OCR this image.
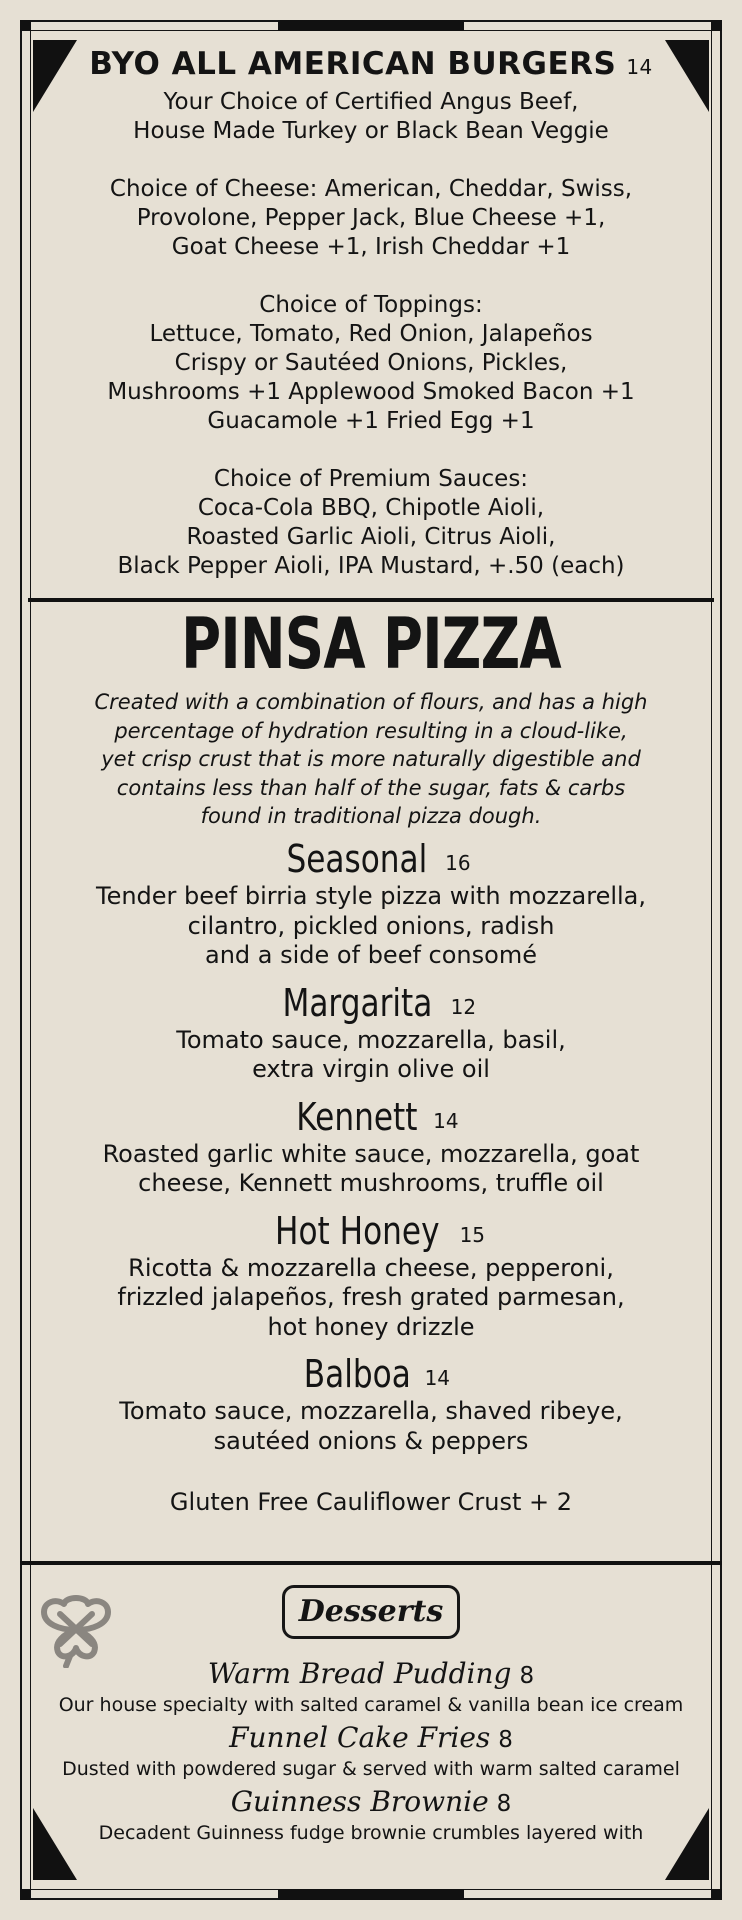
BYO ALL AMERICAN BURGERS 14

Your Choice of Certified Angus Beef,
House Made Turkey or Black Bean Veggie

Choice of Cheese: American, Cheddar, Swiss,
Provolone, Pepper Jack, Blue Cheese +1,
Goat Cheese +1, Irish Cheddar +1

Choice of Toppings:
Lettuce, Tomato, Red Onion, Jalapeños
Crispy or Sautéed Onions, Pickles,
Mushrooms +1 Applewood Smoked Bacon +1
Guacamole +1 Fried Egg +1

Choice of Premium Sauces:
Coca-Cola BBQ, Chipotle Aioli,
Roasted Garlic Aioli, Citrus Aioli,
Black Pepper Aioli, IPA Mustard, +.50 (each)

PINSA PIZZA
Created with a combination of flours, and has a high
percentage of hydration resulting in a cloud-like,
yet crisp crust that is more naturally digestible and
contains less than half of the sugar, fats & carbs
found in traditional pizza dough.
Seasonal 16
Tender beef birria style pizza with mozzarella,
cilantro, pickled onions, radish
and a side of beef consomé
Margarita 12
Tomato sauce, mozzarella, basil,
extra virgin olive oil
Kennett 14
Roasted garlic white sauce, mozzarella, goat
cheese, Kennett mushrooms, truffle oil
Hot Honey 15
Ricotta & mozzarella cheese, pepperoni,
frizzled jalapeños, fresh grated parmesan,
hot honey drizzle
Balboa 14
Tomato sauce, mozzarella, shaved ribeye,
sautéed onions & peppers
Gluten Free Cauliflower Crust + 2
Desserts
Warm Bread Pudding 8
Our house specialty with salted caramel & vanilla bean ice cream
Funnel Cake Fries 8
Dusted with powdered sugar & served with warm salted caramel
Guinness Brownie 8
Decadent Guinness fudge brownie crumbles layered with
